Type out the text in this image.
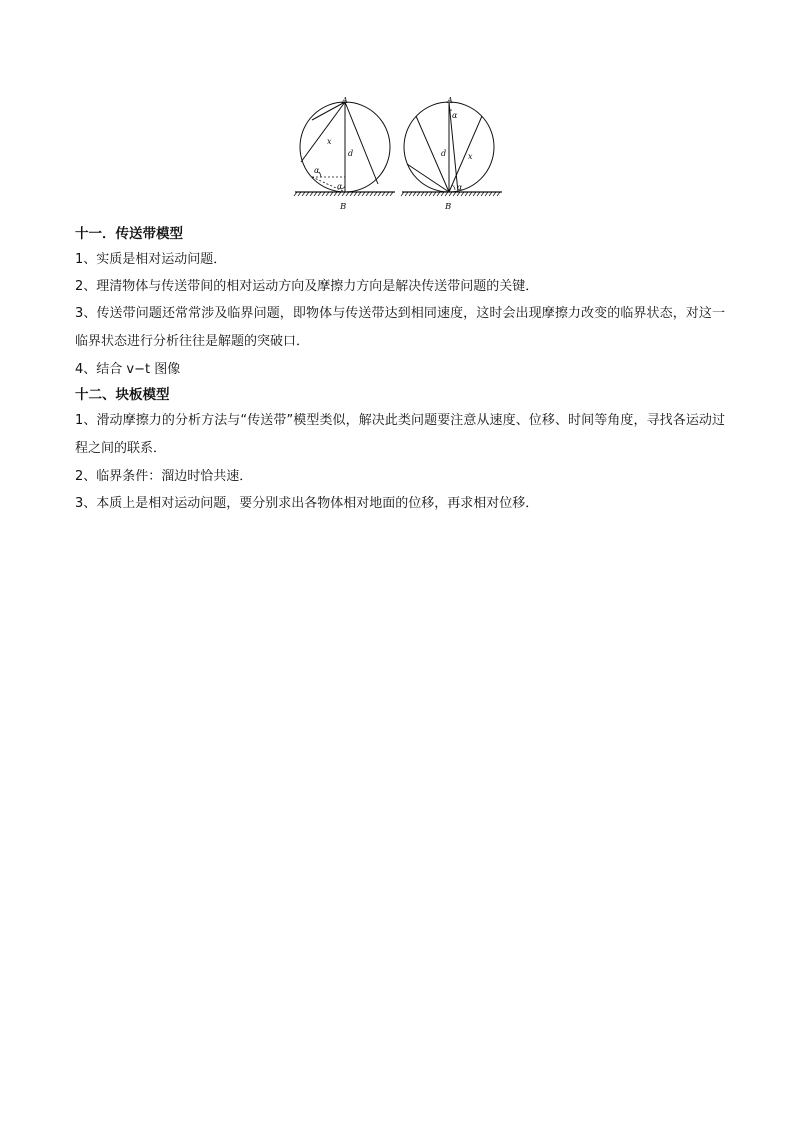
A
B
d
x
α
α
A
B
d	x
α
α
十一．传送带模型

1、实质是相对运动问题．

2、理清物体与传送带间的相对运动方向及摩擦力方向是解决传送带问题的关键．

3、传送带问题还常常涉及临界问题，即物体与传送带达到相同速度，这时会出现摩擦力改变的临界状态，对这一临界状态进行分析往往是解题的突破口．

4、结合 v−t 图像

十二、块板模型

1、滑动摩擦力的分析方法与“传送带”模型类似，解决此类问题要注意从速度、位移、时间等角度，寻找各运动过程之间的联系．

2、临界条件：溜边时恰共速．

3、本质上是相对运动问题，要分别求出各物体相对地面的位移，再求相对位移．
